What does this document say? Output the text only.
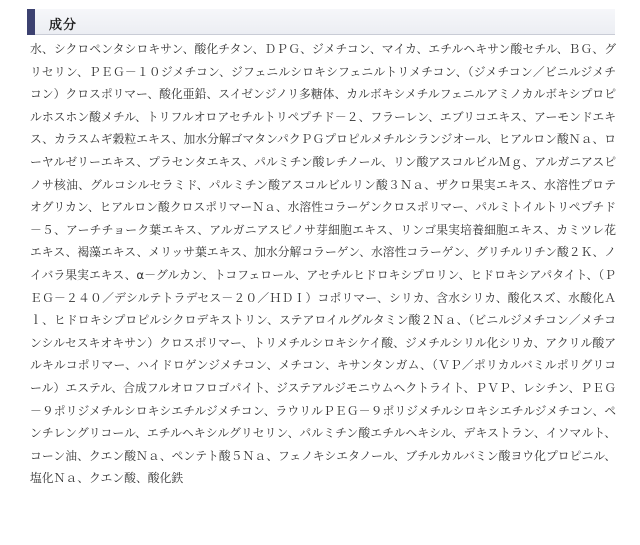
成分

水、シクロペンタシロキサン、酸化チタン、ＤＰＧ、ジメチコン、マイカ、エチルヘキサン酸セチル、ＢＧ、グリセリン、ＰＥＧ－１０ジメチコン、ジフェニルシロキシフェニルトリメチコン、（ジメチコン／ビニルジメチコン）クロスポリマー、酸化亜鉛、スイゼンジノリ多糖体、カルボキシメチルフェニルアミノカルボキシプロピルホスホン酸メチル、トリフルオロアセチルトリペプチド－２、フラーレン、エブリコエキス、アーモンドエキス、カラスムギ穀粒エキス、加水分解ゴマタンパクＰＧプロピルメチルシランジオール、ヒアルロン酸Ｎａ、ローヤルゼリーエキス、プラセンタエキス、パルミチン酸レチノール、リン酸アスコルビルＭｇ、アルガニアスピノサ核油、グルコシルセラミド、パルミチン酸アスコルビルリン酸３Ｎａ、ザクロ果実エキス、水溶性プロテオグリカン、ヒアルロン酸クロスポリマーＮａ、水溶性コラーゲンクロスポリマー、パルミトイルトリペプチド－５、アーチチョーク葉エキス、アルガニアスピノサ芽細胞エキス、リンゴ果実培養細胞エキス、カミツレ花エキス、褐藻エキス、メリッサ葉エキス、加水分解コラーゲン、水溶性コラーゲン、グリチルリチン酸２Ｋ、ノイバラ果実エキス、α－グルカン、トコフェロール、アセチルヒドロキシプロリン、ヒドロキシアパタイト、（ＰＥＧ－２４０／デシルテトラデセス－２０／ＨＤＩ）コポリマー、シリカ、含水シリカ、酸化スズ、水酸化Ａｌ、ヒドロキシプロピルシクロデキストリン、ステアロイルグルタミン酸２Ｎａ、（ビニルジメチコン／メチコンシルセスキオキサン）クロスポリマー、トリメチルシロキシケイ酸、ジメチルシリル化シリカ、アクリル酸アルキルコポリマー、ハイドロゲンジメチコン、メチコン、キサンタンガム、（ＶＰ／ポリカルバミルポリグリコール）エステル、合成フルオロフロゴパイト、ジステアルジモニウムヘクトライト、ＰＶＰ、レシチン、ＰＥＧ－９ポリジメチルシロキシエチルジメチコン、ラウリルＰＥＧ－９ポリジメチルシロキシエチルジメチコン、ペンチレングリコール、エチルヘキシルグリセリン、パルミチン酸エチルヘキシル、デキストラン、イソマルト、コーン油、クエン酸Ｎａ、ペンテト酸５Ｎａ、フェノキシエタノール、ブチルカルバミン酸ヨウ化プロピニル、塩化Ｎａ、クエン酸、酸化鉄
